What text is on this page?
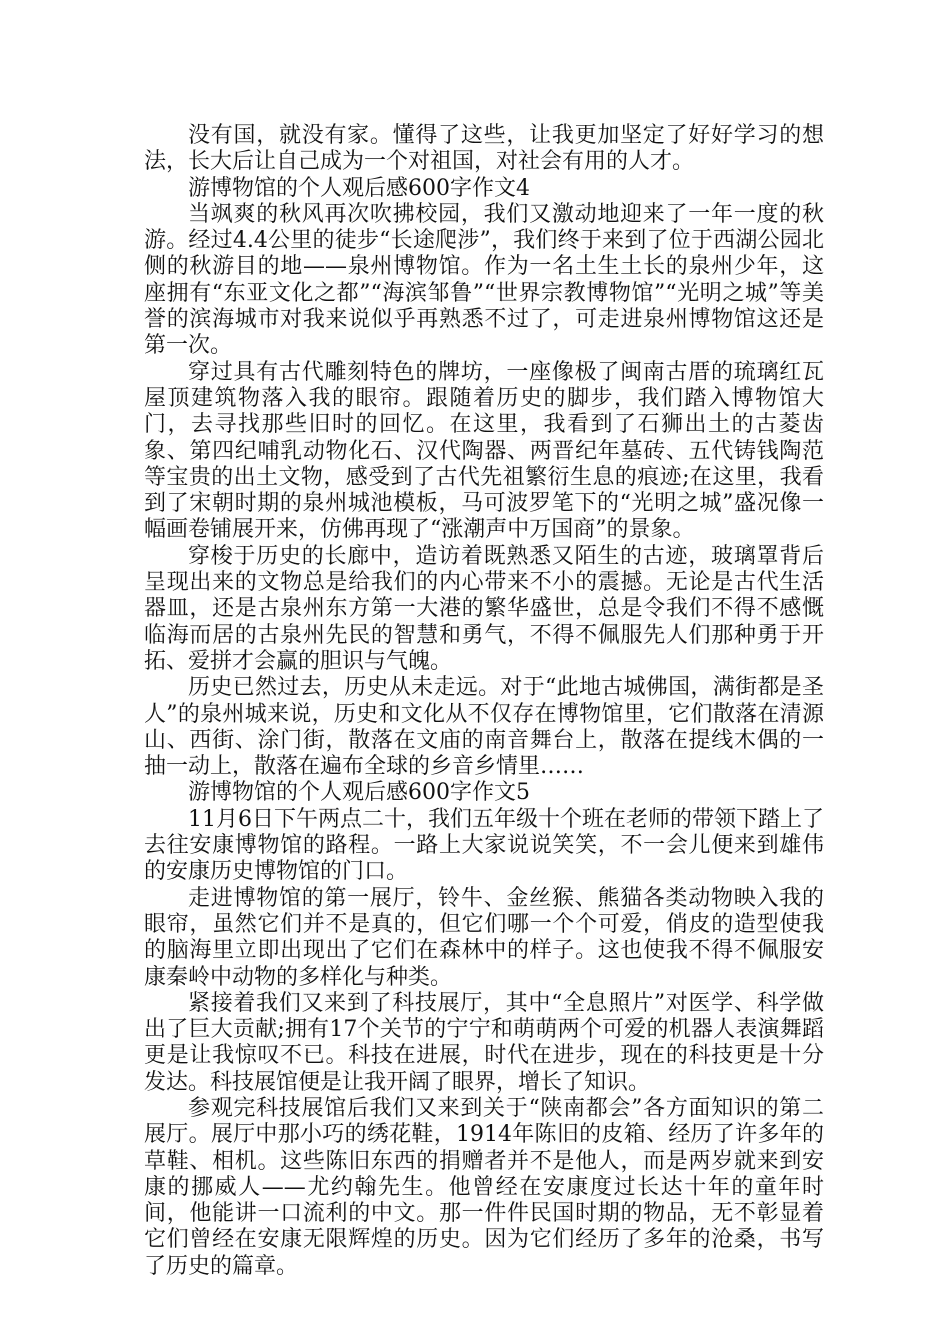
没有国，就没有家。懂得了这些，让我更加坚定了好好学习的想法，长大后让自己成为一个对祖国，对社会有用的人才。

游博物馆的个人观后感600字作文4

当飒爽的秋风再次吹拂校园，我们又激动地迎来了一年一度的秋游。经过4.4公里的徒步“长途爬涉”，我们终于来到了位于西湖公园北侧的秋游目的地——泉州博物馆。作为一名土生土长的泉州少年，这座拥有“东亚文化之都”“海滨邹鲁”“世界宗教博物馆”“光明之城”等美誉的滨海城市对我来说似乎再熟悉不过了，可走进泉州博物馆这还是第一次。

穿过具有古代雕刻特色的牌坊，一座像极了闽南古厝的琉璃红瓦屋顶建筑物落入我的眼帘。跟随着历史的脚步，我们踏入博物馆大门，去寻找那些旧时的回忆。在这里，我看到了石狮出土的古菱齿象、第四纪哺乳动物化石、汉代陶器、两晋纪年墓砖、五代铸钱陶范等宝贵的出土文物，感受到了古代先祖繁衍生息的痕迹;在这里，我看到了宋朝时期的泉州城池模板，马可波罗笔下的“光明之城”盛况像一幅画卷铺展开来，仿佛再现了“涨潮声中万国商”的景象。

穿梭于历史的长廊中，造访着既熟悉又陌生的古迹，玻璃罩背后呈现出来的文物总是给我们的内心带来不小的震撼。无论是古代生活器皿，还是古泉州东方第一大港的繁华盛世，总是令我们不得不感慨临海而居的古泉州先民的智慧和勇气，不得不佩服先人们那种勇于开拓、爱拼才会赢的胆识与气魄。

历史已然过去，历史从未走远。对于“此地古城佛国，满街都是圣人”的泉州城来说，历史和文化从不仅存在博物馆里，它们散落在清源山、西街、涂门街，散落在文庙的南音舞台上，散落在提线木偶的一抽一动上，散落在遍布全球的乡音乡情里……

游博物馆的个人观后感600字作文5

11月6日下午两点二十，我们五年级十个班在老师的带领下踏上了去往安康博物馆的路程。一路上大家说说笑笑，不一会儿便来到雄伟的安康历史博物馆的门口。

走进博物馆的第一展厅，铃牛、金丝猴、熊猫各类动物映入我的眼帘，虽然它们并不是真的，但它们哪一个个可爱，俏皮的造型使我的脑海里立即出现出了它们在森林中的样子。这也使我不得不佩服安康秦岭中动物的多样化与种类。

紧接着我们又来到了科技展厅，其中“全息照片”对医学、科学做出了巨大贡献;拥有17个关节的宁宁和萌萌两个可爱的机器人表演舞蹈更是让我惊叹不已。科技在进展，时代在进步，现在的科技更是十分发达。科技展馆便是让我开阔了眼界，增长了知识。

参观完科技展馆后我们又来到关于“陕南都会”各方面知识的第二展厅。展厅中那小巧的绣花鞋，1914年陈旧的皮箱、经历了许多年的草鞋、相机。这些陈旧东西的捐赠者并不是他人，而是两岁就来到安康的挪威人——尤约翰先生。他曾经在安康度过长达十年的童年时间，他能讲一口流利的中文。那一件件民国时期的物品，无不彰显着它们曾经在安康无限辉煌的历史。因为它们经历了多年的沧桑，书写了历史的篇章。
